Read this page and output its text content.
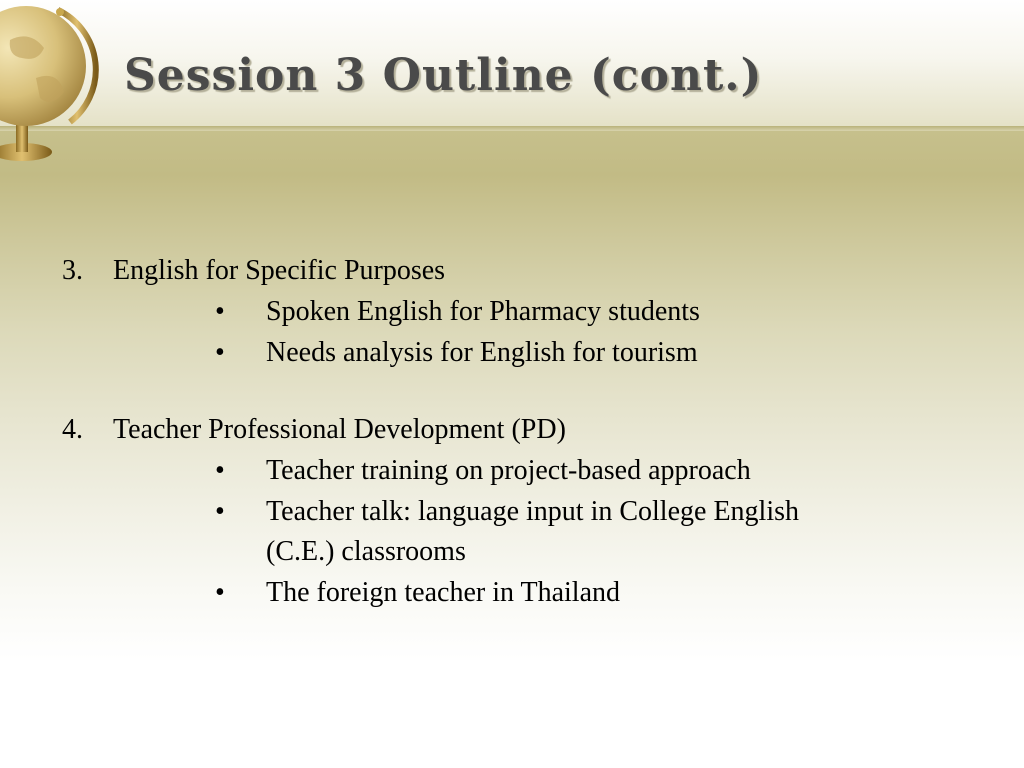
Session 3 Outline (cont.)
3. English for Specific Purposes
• Spoken English for Pharmacy students
• Needs analysis for English for tourism
4. Teacher Professional Development (PD)
• Teacher training on project-based approach
• Teacher talk: language input in College English
(C.E.) classrooms
• The foreign teacher in Thailand
